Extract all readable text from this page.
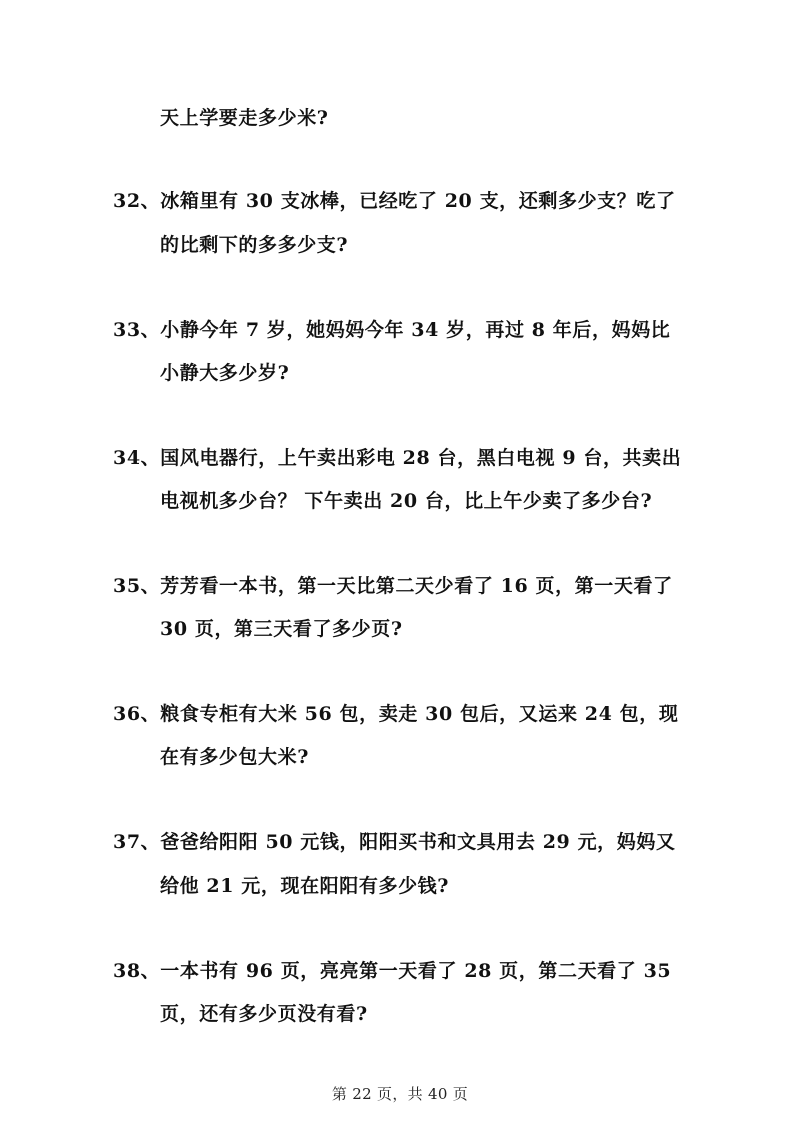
天上学要走多少米?
32、冰箱里有 30 支冰棒，已经吃了 20 支，还剩多少支？吃了
的比剩下的多多少支?
33、小静今年 7 岁，她妈妈今年 34 岁，再过 8 年后，妈妈比
小静大多少岁?
34、国风电器行，上午卖出彩电 28 台，黑白电视 9 台，共卖出
电视机多少台？ 下午卖出 20 台，比上午少卖了多少台?
35、芳芳看一本书，第一天比第二天少看了 16 页，第一天看了
30 页，第三天看了多少页?
36、粮食专柜有大米 56 包，卖走 30 包后，又运来 24 包，现
在有多少包大米?
37、爸爸给阳阳 50 元钱，阳阳买书和文具用去 29 元，妈妈又
给他 21 元，现在阳阳有多少钱?
38、一本书有 96 页，亮亮第一天看了 28 页，第二天看了 35
页，还有多少页没有看?
第 22 页，共 40 页
